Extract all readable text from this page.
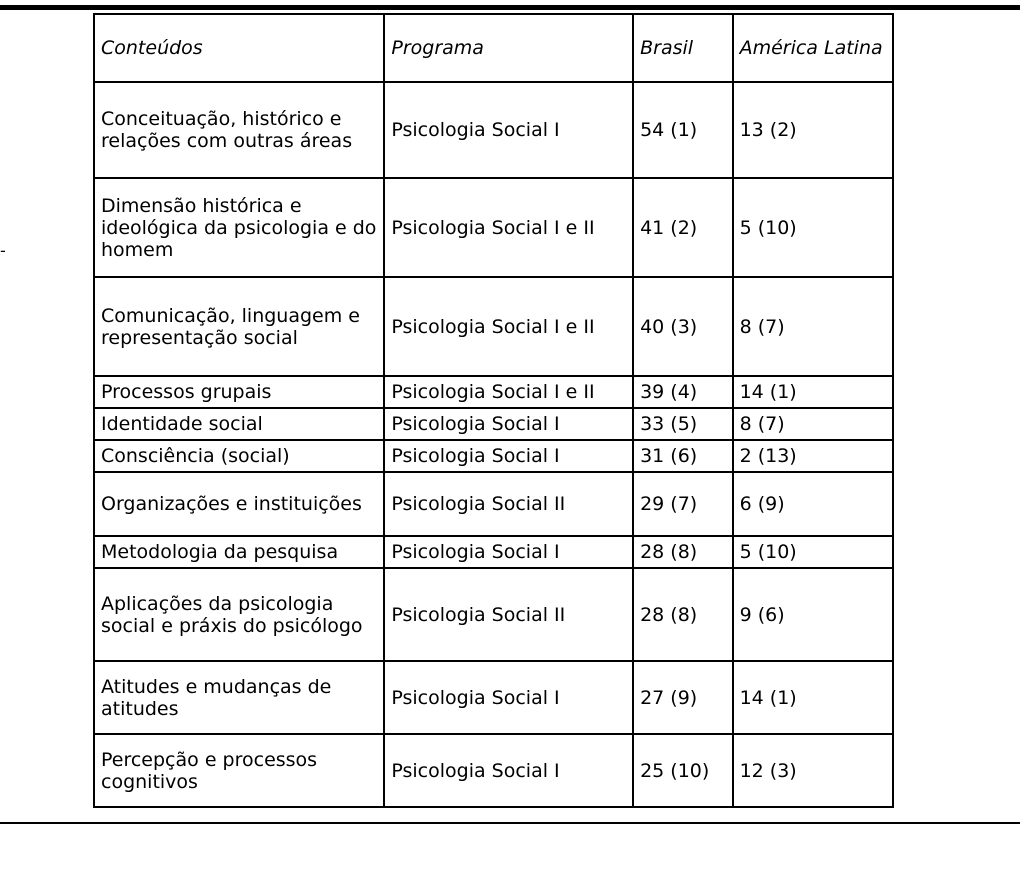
‐
Conteúdos	Programa	Brasil	América Latina
Conceituação, histórico e relações com outras áreas	Psicologia Social I	54 (1)	13 (2)
Dimensão histórica e ideológica da psicologia e do homem	Psicologia Social I e II	41 (2)	5 (10)
Comunicação, linguagem e representação social	Psicologia Social I e II	40 (3)	8 (7)
Processos grupais	Psicologia Social I e II	39 (4)	14 (1)
Identidade social	Psicologia Social I	33 (5)	8 (7)
Consciência (social)	Psicologia Social I	31 (6)	2 (13)
Organizações e instituições	Psicologia Social II	29 (7)	6 (9)
Metodologia da pesquisa	Psicologia Social I	28 (8)	5 (10)
Aplicações da psicologia social e práxis do psicólogo	Psicologia Social II	28 (8)	9 (6)
Atitudes e mudanças de atitudes	Psicologia Social I	27 (9)	14 (1)
Percepção e processos cognitivos	Psicologia Social I	25 (10)	12 (3)
